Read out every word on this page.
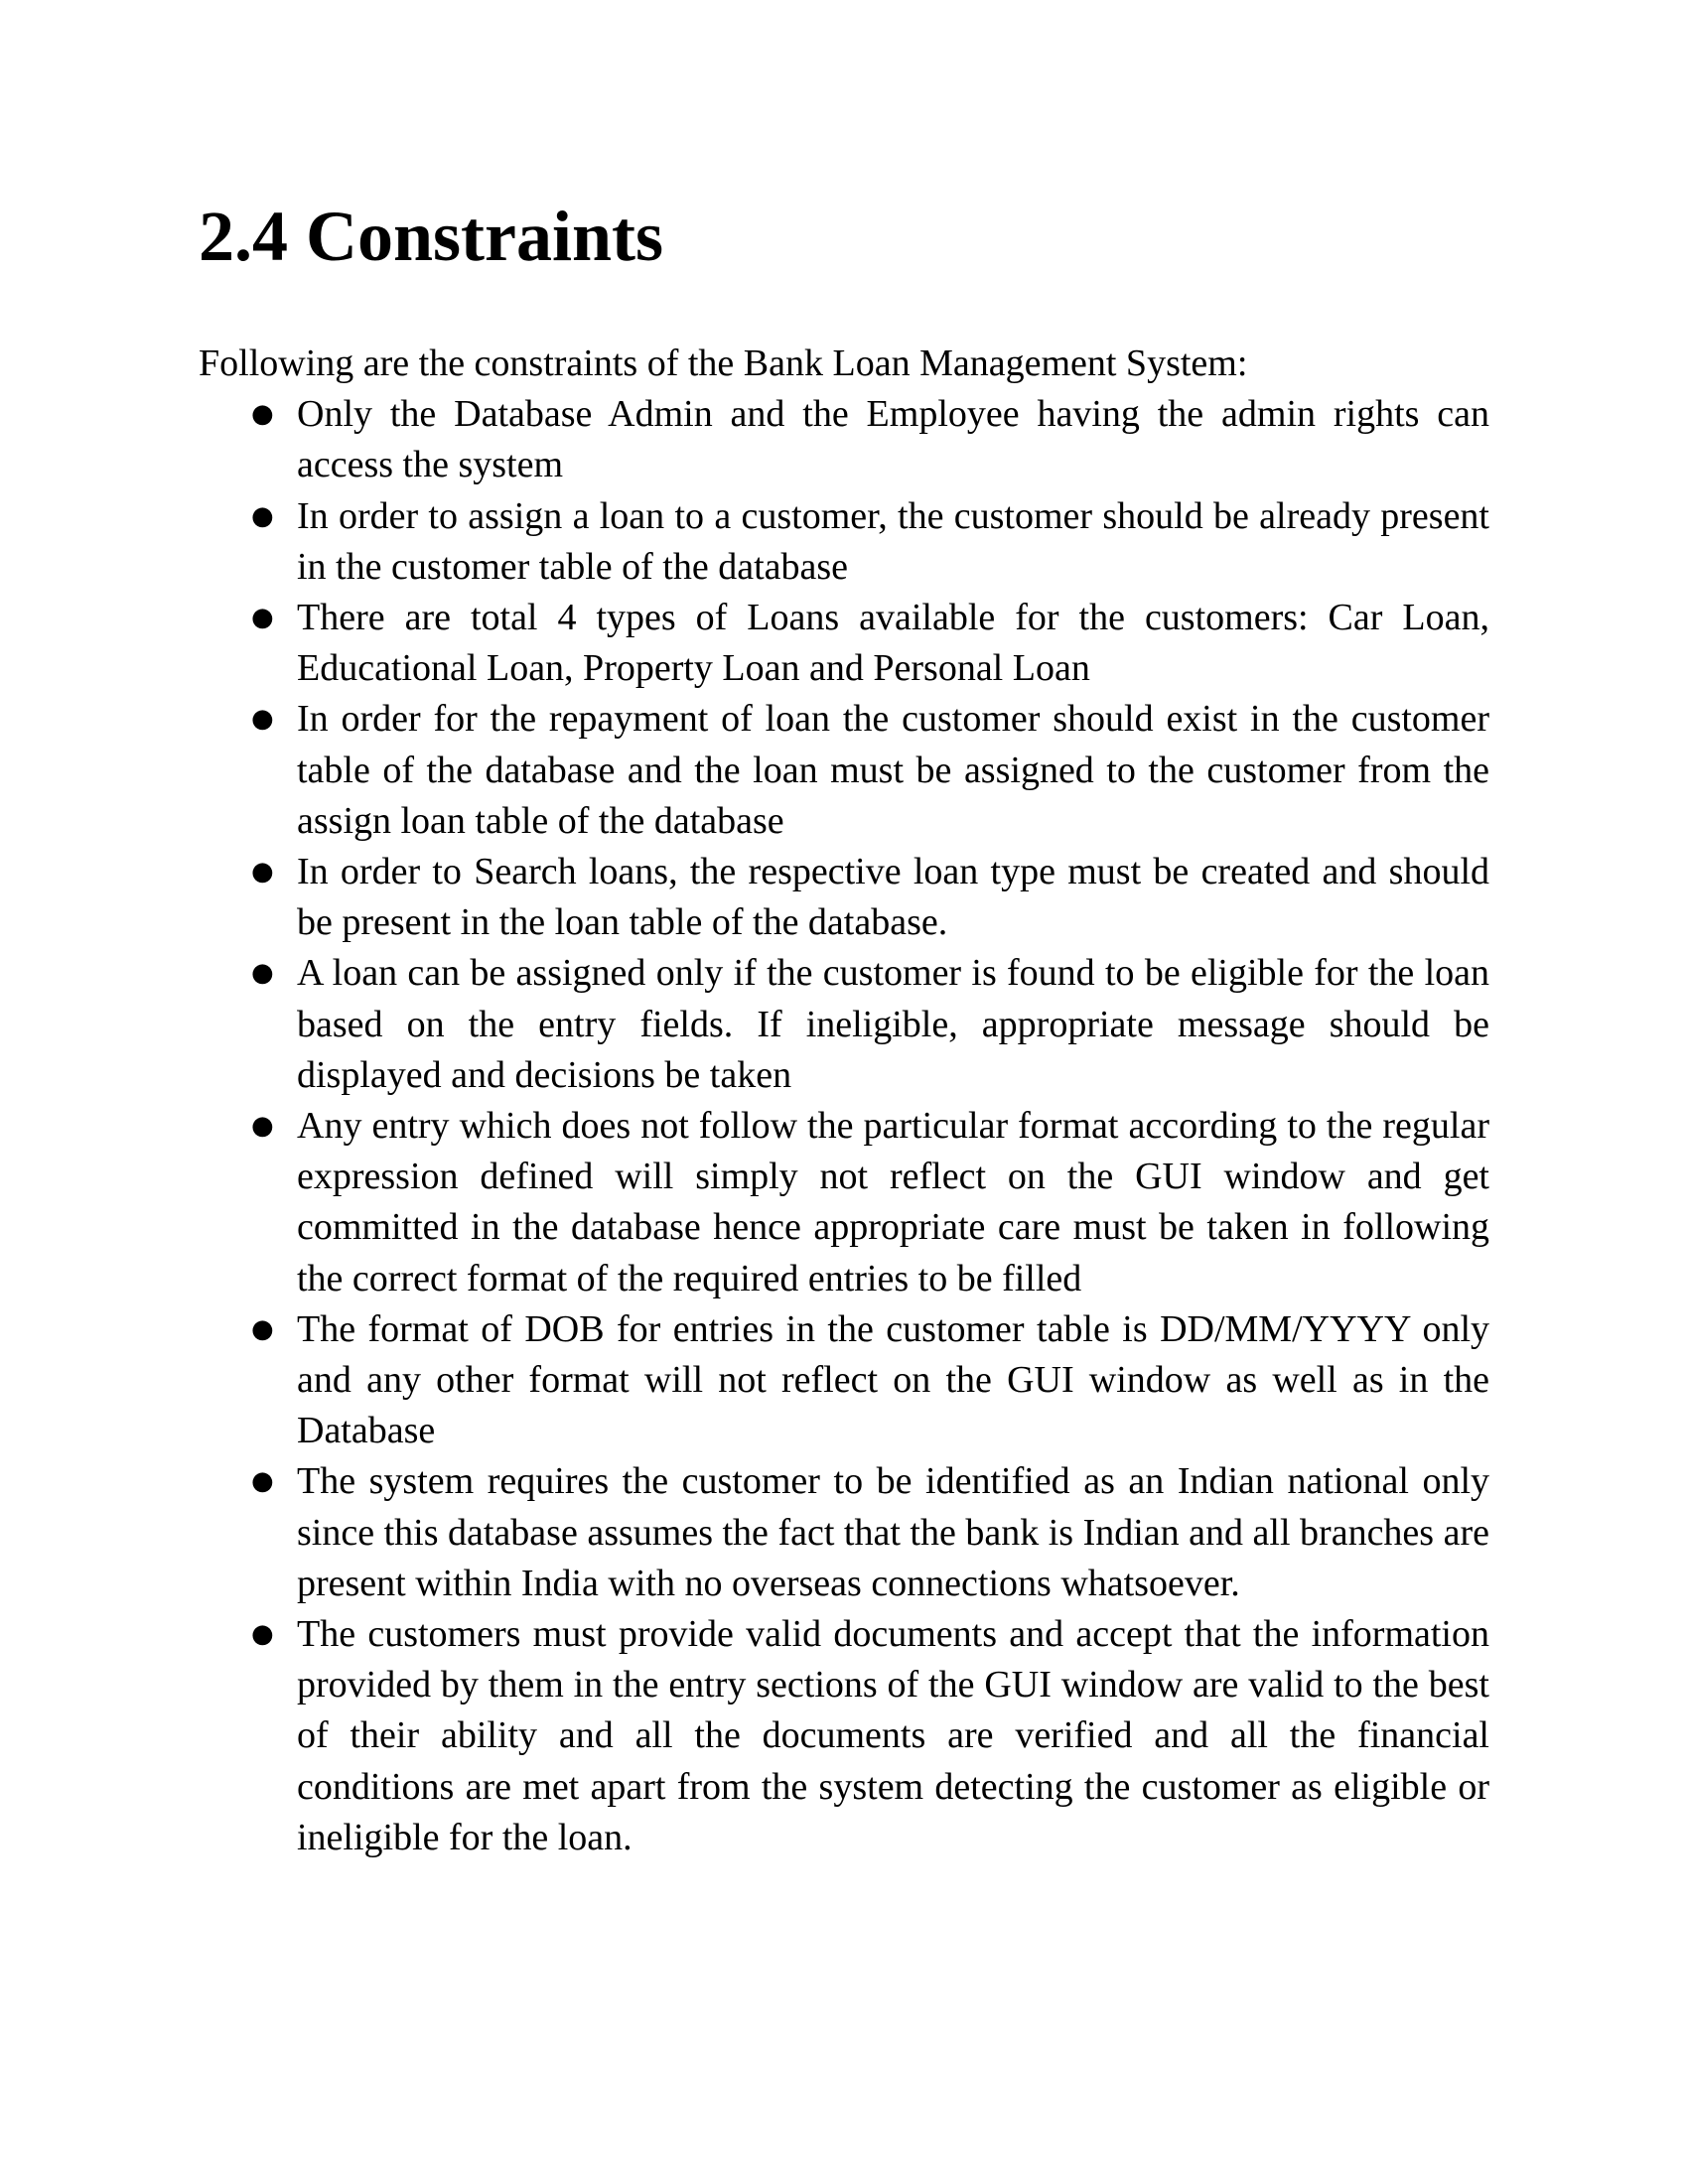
2.4 Constraints

Following are the constraints of the Bank Loan Management System:

● Only the Database Admin and the Employee having the admin rights can access the system
● In order to assign a loan to a customer, the customer should be already present in the customer table of the database
● There are total 4 types of Loans available for the customers: Car Loan, Educational Loan, Property Loan and Personal Loan
● In order for the repayment of loan the customer should exist in the customer table of the database and the loan must be assigned to the customer from the assign loan table of the database
● In order to Search loans, the respective loan type must be created and should be present in the loan table of the database.
● A loan can be assigned only if the customer is found to be eligible for the loan based on the entry fields. If ineligible, appropriate message should be displayed and decisions be taken
● Any entry which does not follow the particular format according to the regular expression defined will simply not reflect on the GUI window and get committed in the database hence appropriate care must be taken in following the correct format of the required entries to be filled
● The format of DOB for entries in the customer table is DD/MM/YYYY only and any other format will not reflect on the GUI window as well as in the Database
● The system requires the customer to be identified as an Indian national only since this database assumes the fact that the bank is Indian and all branches are present within India with no overseas connections whatsoever.
● The customers must provide valid documents and accept that the information provided by them in the entry sections of the GUI window are valid to the best of their ability and all the documents are verified and all the financial conditions are met apart from the system detecting the customer as eligible or ineligible for the loan.
